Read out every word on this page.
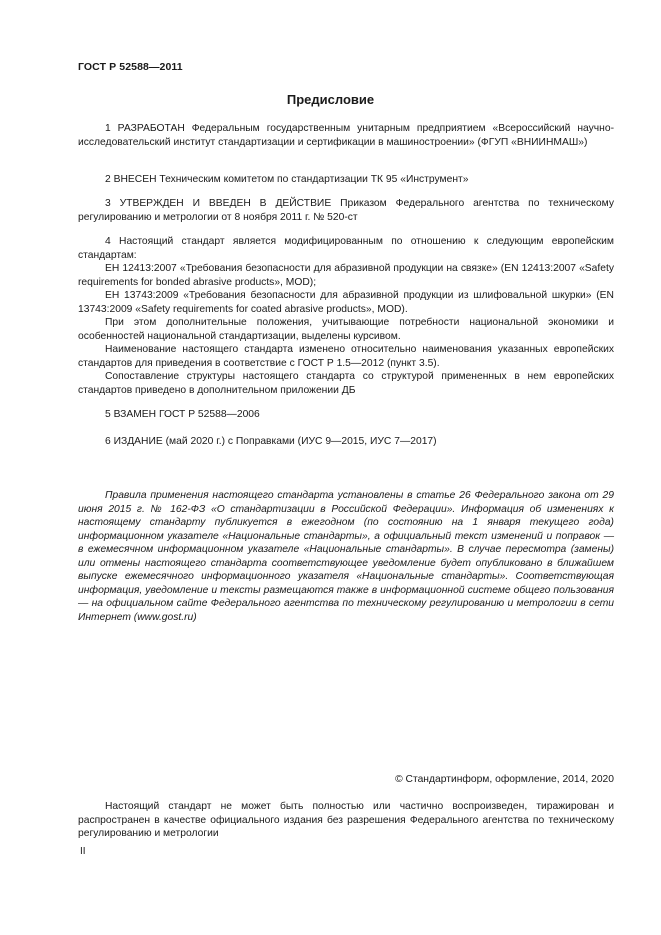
ГОСТ Р 52588—2011
Предисловие

1 РАЗРАБОТАН Федеральным государственным унитарным предприятием «Всероссийский научно-исследовательский институт стандартизации и сертификации в машиностроении» (ФГУП «ВНИИНМАШ»)

2 ВНЕСЕН Техническим комитетом по стандартизации ТК 95 «Инструмент»

3 УТВЕРЖДЕН И ВВЕДЕН В ДЕЙСТВИЕ Приказом Федерального агентства по техническому регулированию и метрологии от 8 ноября 2011 г. № 520-ст

4 Настоящий стандарт является модифицированным по отношению к следующим европейским стандартам:

ЕН 12413:2007 «Требования безопасности для абразивной продукции на связке» (EN 12413:2007 «Safety requirements for bonded abrasive products», MOD);

ЕН 13743:2009 «Требования безопасности для абразивной продукции из шлифовальной шкурки» (EN 13743:2009 «Safety requirements for coated abrasive products», MOD).

При этом дополнительные положения, учитывающие потребности национальной экономики и особенностей национальной стандартизации, выделены курсивом.

Наименование настоящего стандарта изменено относительно наименования указанных европейских стандартов для приведения в соответствие с ГОСТ Р 1.5—2012 (пункт 3.5).

Сопоставление структуры настоящего стандарта со структурой примененных в нем европейских стандартов приведено в дополнительном приложении ДБ

5 ВЗАМЕН ГОСТ Р 52588—2006

6 ИЗДАНИЕ (май 2020 г.) с Поправками (ИУС 9—2015, ИУС 7—2017)

Правила применения настоящего стандарта установлены в статье 26 Федерального закона от 29 июня 2015 г. № 162-ФЗ «О стандартизации в Российской Федерации». Информация об изменениях к настоящему стандарту публикуется в ежегодном (по состоянию на 1 января текущего года) информационном указателе «Национальные стандарты», а официальный текст изменений и поправок — в ежемесячном информационном указателе «Национальные стандарты». В случае пересмотра (замены) или отмены настоящего стандарта соответствующее уведомление будет опубликовано в ближайшем выпуске ежемесячного информационного указателя «Национальные стандарты». Соответствующая информация, уведомление и тексты размещаются также в информационной системе общего пользования — на официальном сайте Федерального агентства по техническому регулированию и метрологии в сети Интернет (www.gost.ru)

© Стандартинформ, оформление, 2014, 2020

Настоящий стандарт не может быть полностью или частично воспроизведен, тиражирован и распространен в качестве официального издания без разрешения Федерального агентства по техническому регулированию и метрологии

II
